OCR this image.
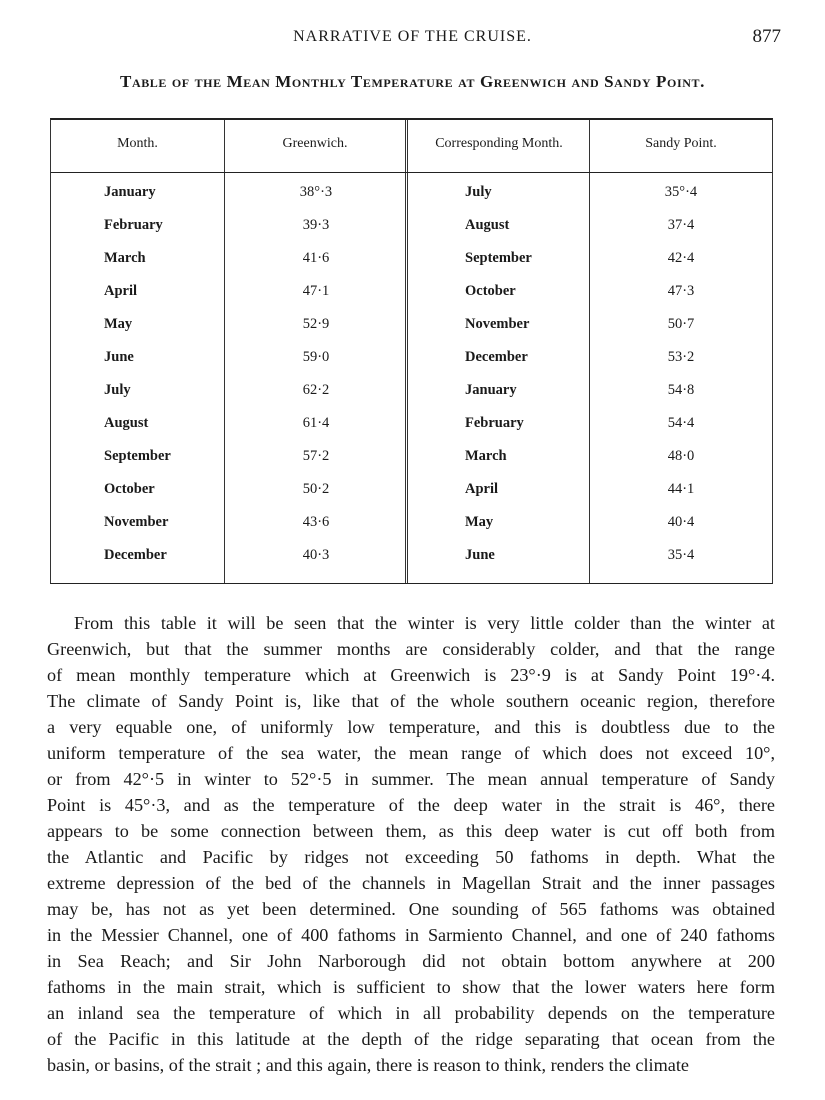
NARRATIVE OF THE CRUISE.	877
Table of the Mean Monthly Temperature at Greenwich and Sandy Point.
Month.	Greenwich.	Corresponding Month.	Sandy Point.
January	38°·3	July	35°·4
February	39·3	August	37·4
March	41·6	September	42·4
April	47·1	October	47·3
May	52·9	November	50·7
June	59·0	December	53·2
July	62·2	January	54·8
August	61·4	February	54·4
September	57·2	March	48·0
October	50·2	April	44·1
November	43·6	May	40·4
December	40·3	June	35·4
From this table it will be seen that the winter is very little colder than the winter at
Greenwich, but that the summer months are considerably colder, and that the range
of mean monthly temperature which at Greenwich is 23°·9 is at Sandy Point 19°·4.
The climate of Sandy Point is, like that of the whole southern oceanic region, therefore
a very equable one, of uniformly low temperature, and this is doubtless due to the
uniform temperature of the sea water, the mean range of which does not exceed 10°,
or from 42°·5 in winter to 52°·5 in summer. The mean annual temperature of Sandy
Point is 45°·3, and as the temperature of the deep water in the strait is 46°, there
appears to be some connection between them, as this deep water is cut off both from
the Atlantic and Pacific by ridges not exceeding 50 fathoms in depth. What the
extreme depression of the bed of the channels in Magellan Strait and the inner passages
may be, has not as yet been determined. One sounding of 565 fathoms was obtained
in the Messier Channel, one of 400 fathoms in Sarmiento Channel, and one of 240 fathoms
in Sea Reach; and Sir John Narborough did not obtain bottom anywhere at 200
fathoms in the main strait, which is sufficient to show that the lower waters here form
an inland sea the temperature of which in all probability depends on the temperature
of the Pacific in this latitude at the depth of the ridge separating that ocean from the
basin, or basins, of the strait ; and this again, there is reason to think, renders the climate
